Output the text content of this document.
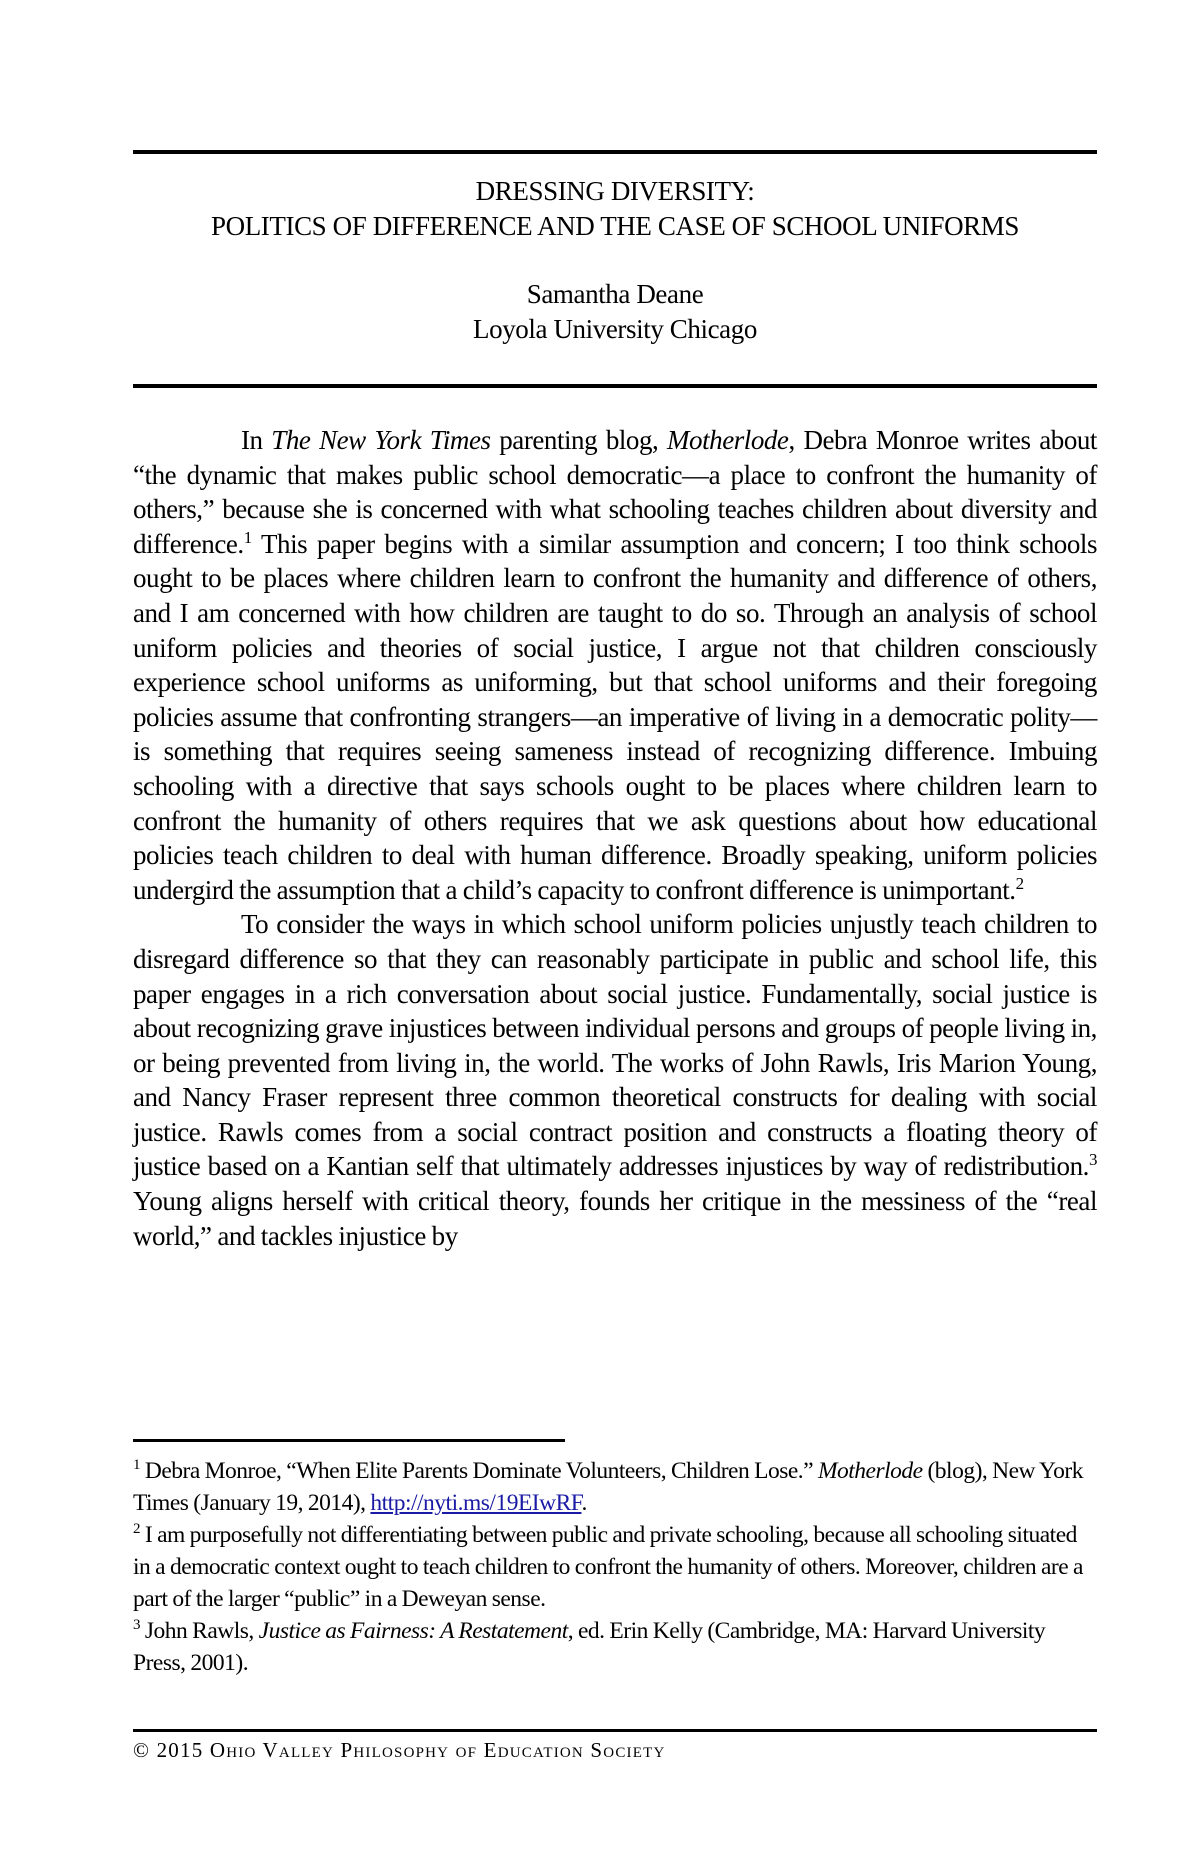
DRESSING DIVERSITY:
POLITICS OF DIFFERENCE AND THE CASE OF SCHOOL UNIFORMS
Samantha Deane
Loyola University Chicago

In The New York Times parenting blog, Motherlode, Debra Monroe writes about “the dynamic that makes public school democratic—a place to confront the humanity of others,” because she is concerned with what schooling teaches children about diversity and difference.$^1$ This paper begins with a similar assumption and concern; I too think schools ought to be places where children learn to confront the humanity and difference of others, and I am concerned with how children are taught to do so. Through an analysis of school uniform policies and theories of social justice, I argue not that children consciously experience school uniforms as uniforming, but that school uniforms and their foregoing policies assume that confronting strangers—an imperative of living in a democratic polity—is something that requires seeing sameness instead of recognizing difference. Imbuing schooling with a directive that says schools ought to be places where children learn to confront the humanity of others requires that we ask questions about how educational policies teach children to deal with human difference. Broadly speaking, uniform policies undergird the assumption that a child’s capacity to confront difference is unimportant.$^2$

To consider the ways in which school uniform policies unjustly teach children to disregard difference so that they can reasonably participate in public and school life, this paper engages in a rich conversation about social justice. Fundamentally, social justice is about recognizing grave injustices between individual persons and groups of people living in, or being prevented from living in, the world. The works of John Rawls, Iris Marion Young, and Nancy Fraser represent three common theoretical constructs for dealing with social justice. Rawls comes from a social contract position and constructs a floating theory of justice based on a Kantian self that ultimately addresses injustices by way of redistribution.$^3$ Young aligns herself with critical theory, founds her critique in the messiness of the “real world,” and tackles injustice by

$^1$ Debra Monroe, “When Elite Parents Dominate Volunteers, Children Lose.” Motherlode (blog), New York Times (January 19, 2014), http://nyti.ms/19EIwRF.

$^2$ I am purposefully not differentiating between public and private schooling, because all schooling situated in a democratic context ought to teach children to confront the humanity of others. Moreover, children are a part of the larger “public” in a Deweyan sense.

$^3$ John Rawls, Justice as Fairness: A Restatement, ed. Erin Kelly (Cambridge, MA: Harvard University Press, 2001).

© 2015 Ohio Valley Philosophy of Education Society
